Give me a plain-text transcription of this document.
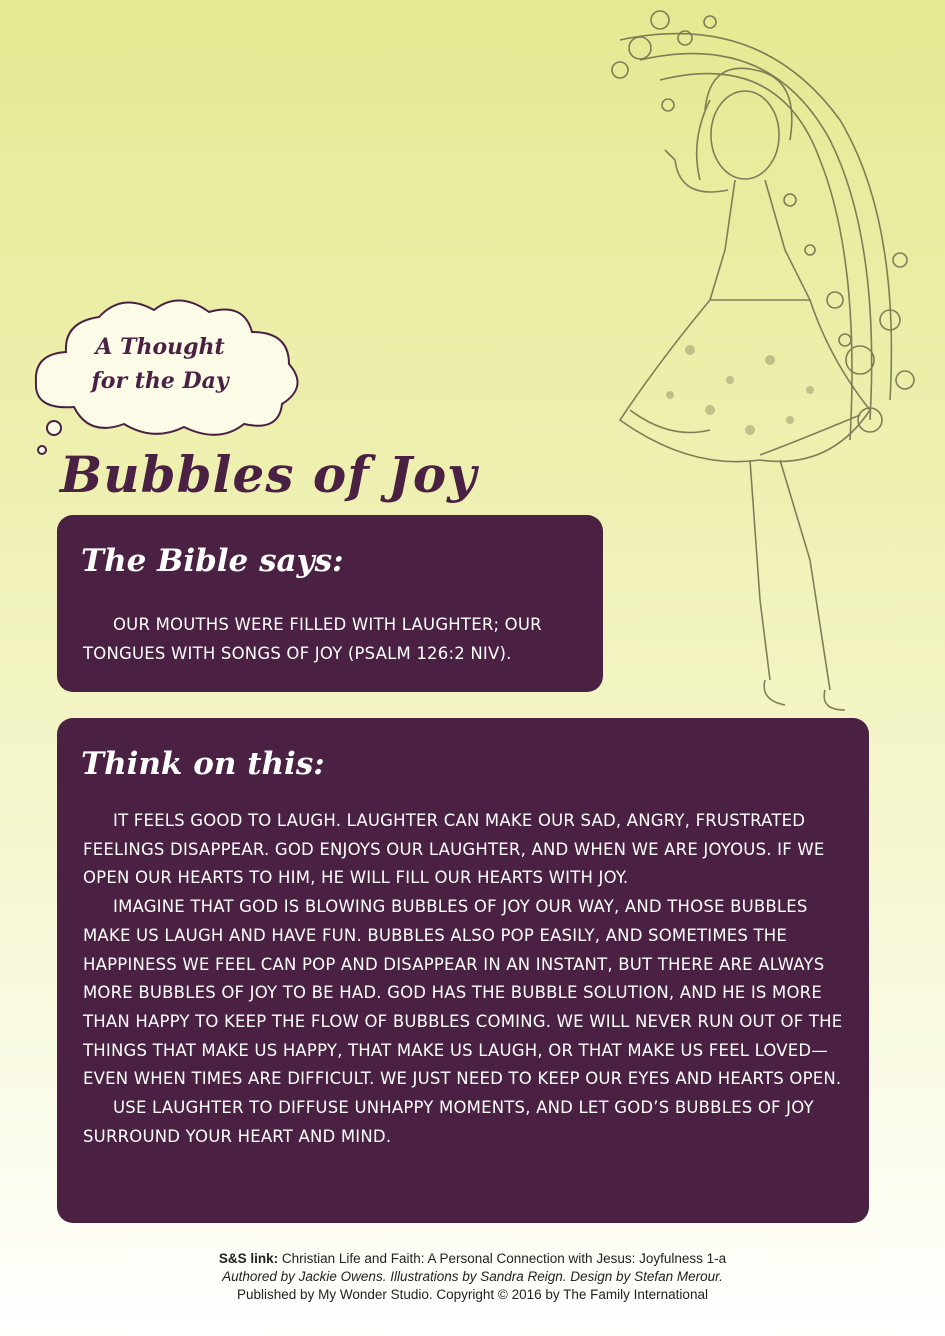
A Thought
for the Day
Bubbles of Joy
The Bible says:

OUR MOUTHS WERE FILLED WITH LAUGHTER; OUR TONGUES WITH SONGS OF JOY (PSALM 126:2 NIV).

Think on this:

IT FEELS GOOD TO LAUGH. LAUGHTER CAN MAKE OUR SAD, ANGRY, FRUSTRATED FEELINGS DISAPPEAR. GOD ENJOYS OUR LAUGHTER, AND WHEN WE ARE JOYOUS. IF WE OPEN OUR HEARTS TO HIM, HE WILL FILL OUR HEARTS WITH JOY.

IMAGINE THAT GOD IS BLOWING BUBBLES OF JOY OUR WAY, AND THOSE BUBBLES MAKE US LAUGH AND HAVE FUN. BUBBLES ALSO POP EASILY, AND SOMETIMES THE HAPPINESS WE FEEL CAN POP AND DISAPPEAR IN AN INSTANT, BUT THERE ARE ALWAYS MORE BUBBLES OF JOY TO BE HAD. GOD HAS THE BUBBLE SOLUTION, AND HE IS MORE THAN HAPPY TO KEEP THE FLOW OF BUBBLES COMING. WE WILL NEVER RUN OUT OF THE THINGS THAT MAKE US HAPPY, THAT MAKE US LAUGH, OR THAT MAKE US FEEL LOVED—EVEN WHEN TIMES ARE DIFFICULT. WE JUST NEED TO KEEP OUR EYES AND HEARTS OPEN.

USE LAUGHTER TO DIFFUSE UNHAPPY MOMENTS, AND LET GOD’S BUBBLES OF JOY SURROUND YOUR HEART AND MIND.

S&S link: Christian Life and Faith: A Personal Connection with Jesus: Joyfulness 1-a
Authored by Jackie Owens. Illustrations by Sandra Reign. Design by Stefan Merour.
Published by My Wonder Studio. Copyright © 2016 by The Family International
